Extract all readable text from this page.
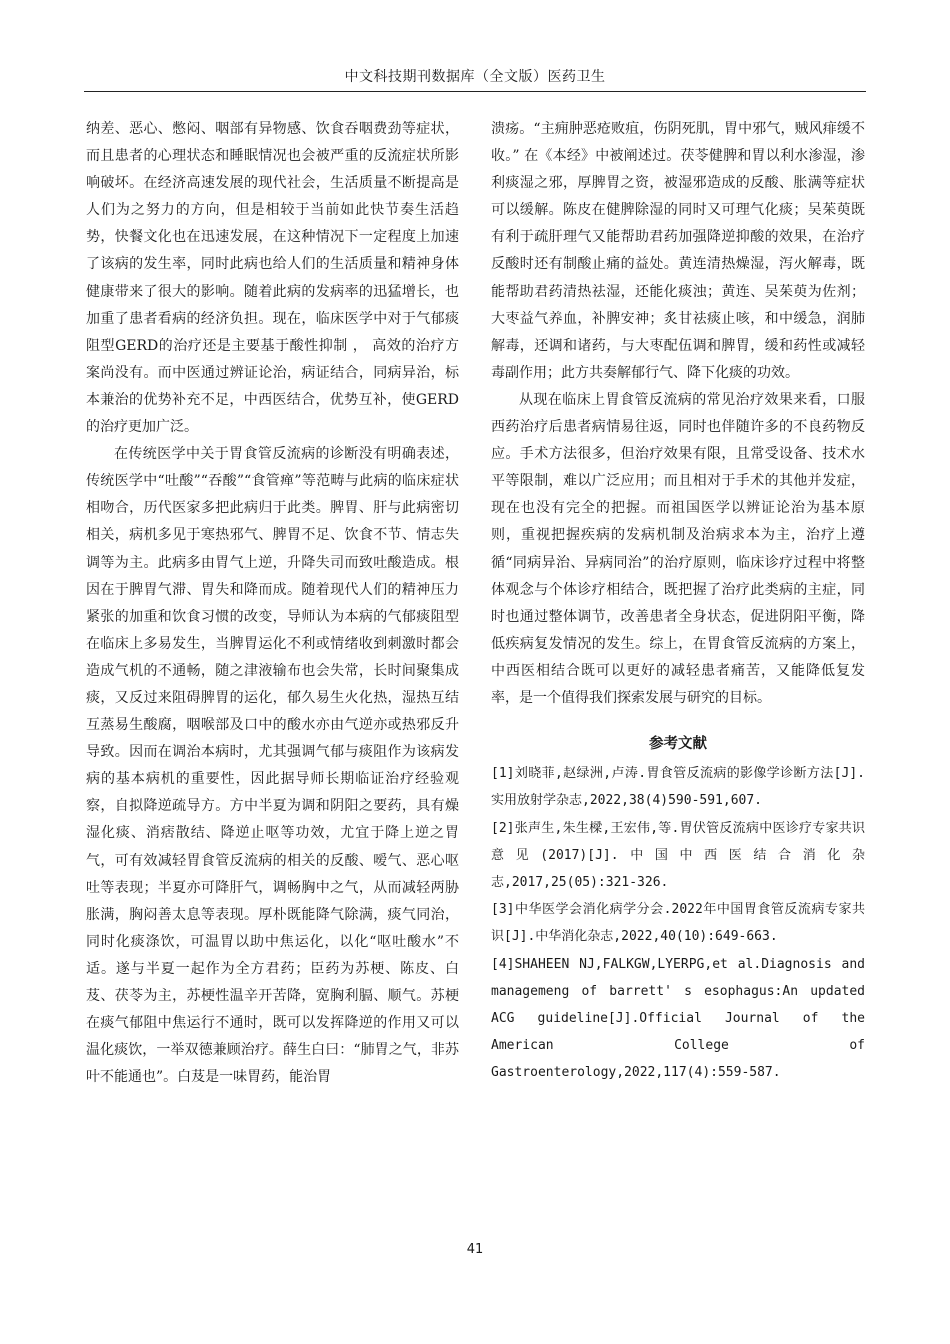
中文科技期刊数据库（全文版）医药卫生

纳差、恶心、憋闷、咽部有异物感、饮食吞咽费劲等症状，而且患者的心理状态和睡眠情况也会被严重的反流症状所影响破坏。在经济高速发展的现代社会，生活质量不断提高是人们为之努力的方向，但是相较于当前如此快节奏生活趋势，快餐文化也在迅速发展，在这种情况下一定程度上加速了该病的发生率，同时此病也给人们的生活质量和精神身体健康带来了很大的影响。随着此病的发病率的迅猛增长，也加重了患者看病的经济负担。现在，临床医学中对于气郁痰阻型GERD的治疗还是主要基于酸性抑制 ， 高效的治疗方案尚没有。而中医通过辨证论治，病证结合，同病异治，标本兼治的优势补充不足，中西医结合，优势互补，使GERD的治疗更加广泛。

在传统医学中关于胃食管反流病的诊断没有明确表述，传统医学中“吐酸”“吞酸”“食管瘅”等范畴与此病的临床症状相吻合，历代医家多把此病归于此类。脾胃、肝与此病密切相关，病机多见于寒热邪气、脾胃不足、饮食不节、情志失调等为主。此病多由胃气上逆，升降失司而致吐酸造成。根因在于脾胃气滞、胃失和降而成。随着现代人们的精神压力紧张的加重和饮食习惯的改变，导师认为本病的气郁痰阻型在临床上多易发生，当脾胃运化不利或情绪收到刺激时都会造成气机的不通畅，随之津液输布也会失常，长时间聚集成痰，又反过来阻碍脾胃的运化，郁久易生火化热，湿热互结互蒸易生酸腐，咽喉部及口中的酸水亦由气逆亦或热邪反升导致。因而在调治本病时，尤其强调气郁与痰阻作为该病发病的基本病机的重要性，因此据导师长期临证治疗经验观察，自拟降逆疏导方。方中半夏为调和阴阳之要药，具有燥湿化痰、消痞散结、降逆止呕等功效，尤宜于降上逆之胃气，可有效减轻胃食管反流病的相关的反酸、嗳气、恶心呕吐等表现；半夏亦可降肝气，调畅胸中之气，从而减轻两胁胀满，胸闷善太息等表现。厚朴既能降气除满，痰气同治，同时化痰涤饮，可温胃以助中焦运化，以化“呕吐酸水”不适。遂与半夏一起作为全方君药；臣药为苏梗、陈皮、白芨、茯苓为主，苏梗性温辛开苦降，宽胸利膈、顺气。苏梗在痰气郁阻中焦运行不通时，既可以发挥降逆的作用又可以温化痰饮，一举双德兼顾治疗。薛生白曰：“肺胃之气，非苏叶不能通也”。白芨是一味胃药，能治胃

溃疡。“主痈肿恶疮败疽，伤阴死肌，胃中邪气，贼风痱缓不收。” 在《本经》中被阐述过。茯苓健脾和胃以利水渗湿，渗利痰湿之邪，厚脾胃之资，被湿邪造成的反酸、胀满等症状可以缓解。陈皮在健脾除湿的同时又可理气化痰；吴茱萸既有利于疏肝理气又能帮助君药加强降逆抑酸的效果，在治疗反酸时还有制酸止痛的益处。黄连清热燥湿，泻火解毒，既能帮助君药清热祛湿，还能化痰浊；黄连、吴茱萸为佐剂；大枣益气养血，补脾安神；炙甘祛痰止咳，和中缓急，润肺解毒，还调和诸药，与大枣配伍调和脾胃，缓和药性或减轻毒副作用；此方共奏解郁行气、降下化痰的功效。

从现在临床上胃食管反流病的常见治疗效果来看，口服西药治疗后患者病情易往返，同时也伴随许多的不良药物反应。手术方法很多，但治疗效果有限，且常受设备、技术水平等限制，难以广泛应用；而且相对于手术的其他并发症，现在也没有完全的把握。而祖国医学以辨证论治为基本原则，重视把握疾病的发病机制及治病求本为主，治疗上遵循“同病异治、异病同治”的治疗原则，临床诊疗过程中将整体观念与个体诊疗相结合，既把握了治疗此类病的主症，同时也通过整体调节，改善患者全身状态，促进阴阳平衡，降低疾病复发情况的发生。综上，在胃食管反流病的方案上，中西医相结合既可以更好的减轻患者痛苦，又能降低复发率，是一个值得我们探索发展与研究的目标。

参考文献

[1]刘晓菲,赵绿洲,卢涛.胃食管反流病的影像学诊断方法[J].实用放射学杂志,2022,38(4)590-591,607.

[2]张声生,朱生樑,王宏伟,等.胃伏管反流病中医诊疗专家共识意见(2017)[J].中国中西医结合消化杂志,2017,25(05):321-326.

[3]中华医学会消化病学分会.2022年中国胃食管反流病专家共识[J].中华消化杂志,2022,40(10):649-663.

[4]SHAHEEN NJ,FALKGW,LYERPG,et al.Diagnosis and managemeng of barrett' s esophagus:An updated ACG guideline[J].Official Journal of the American College of Gastroenterology,2022,117(4):559-587.

41
